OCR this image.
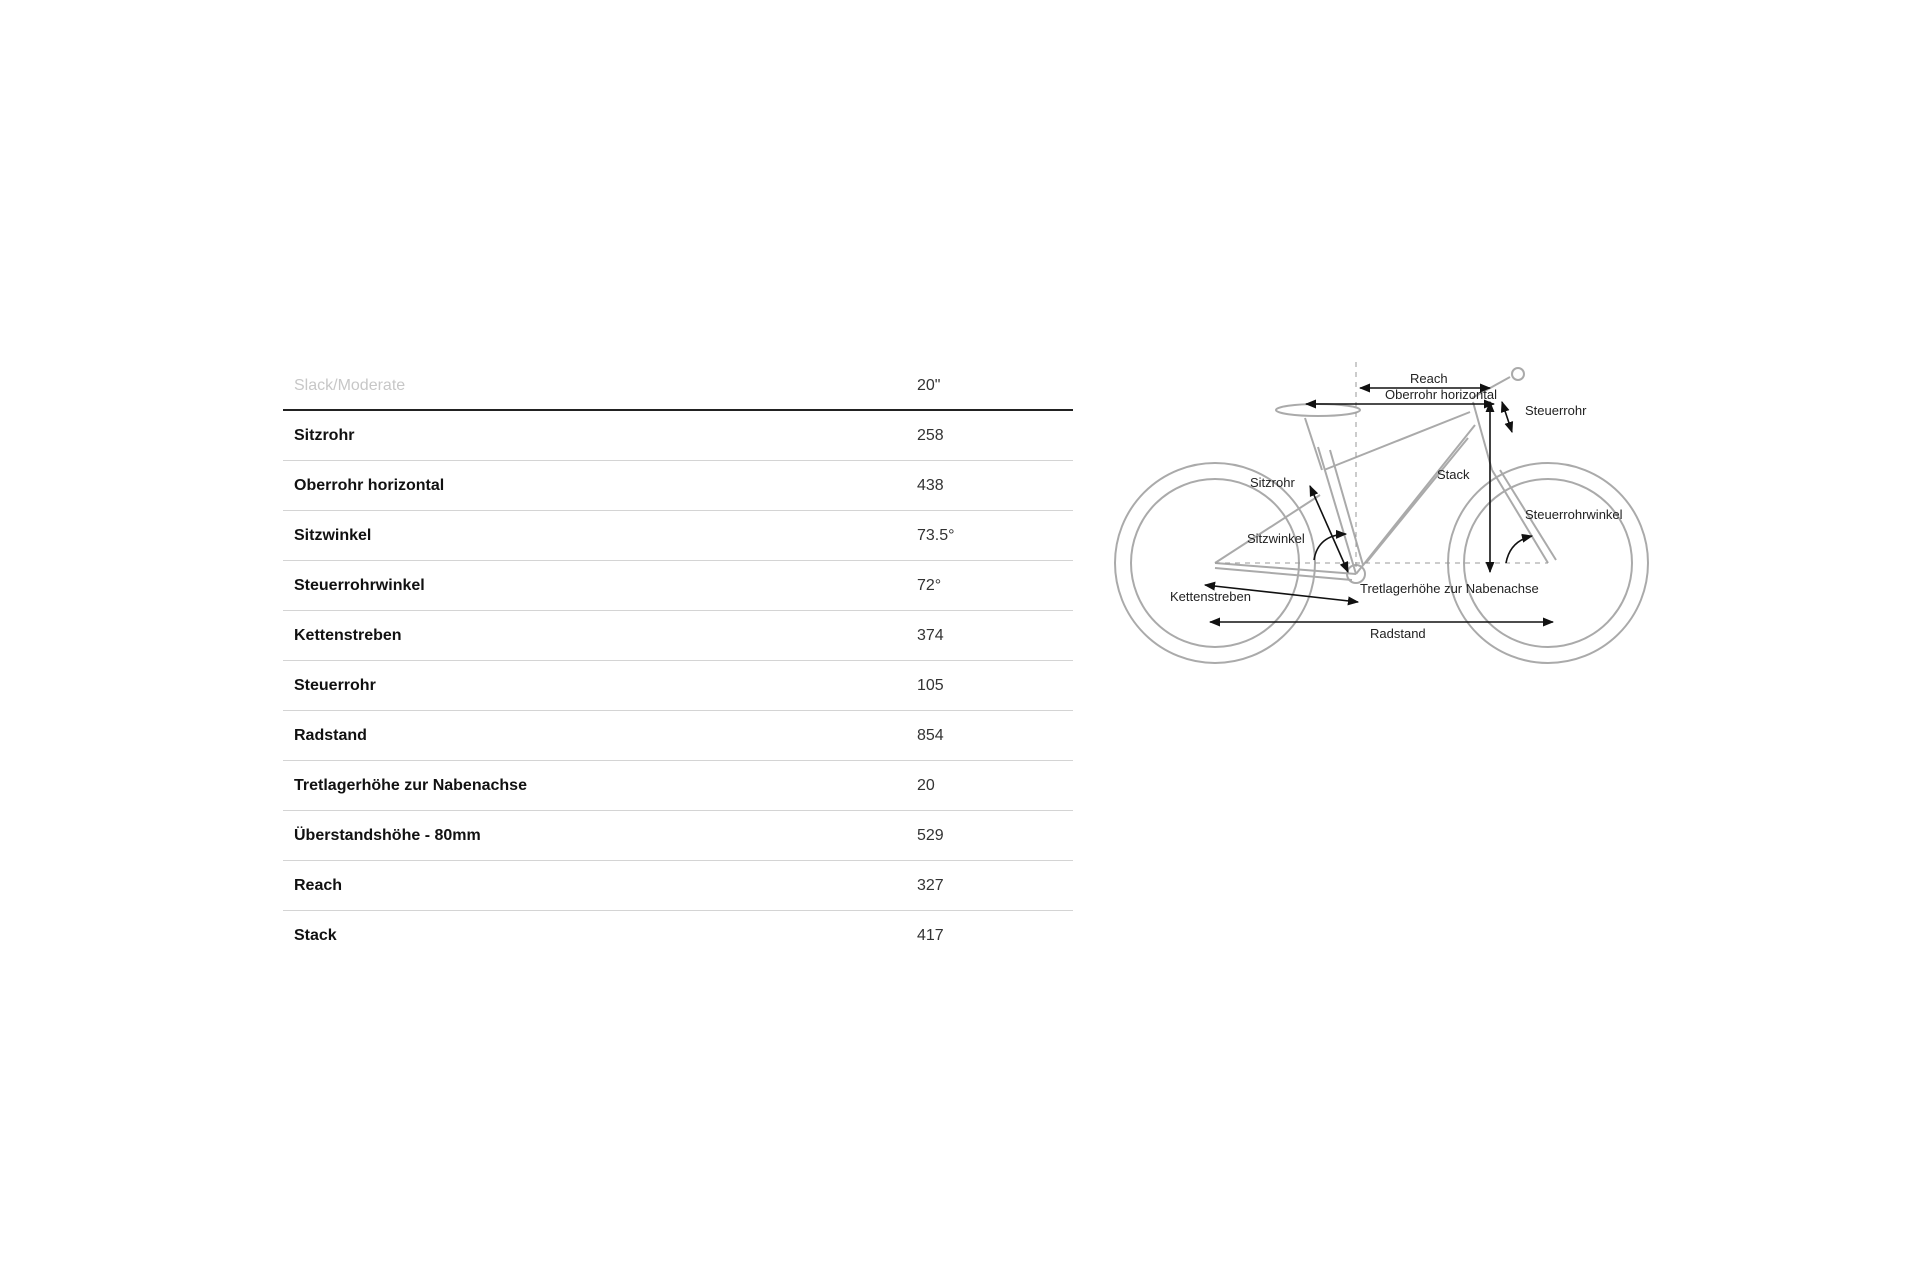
Slack/Moderate	20"
Sitzrohr	258
Oberrohr horizontal	438
Sitzwinkel	73.5°
Steuerrohrwinkel	72°
Kettenstreben	374
Steuerrohr	105
Radstand	854
Tretlagerhöhe zur Nabenachse	20
Überstandshöhe - 80mm	529
Reach	327
Stack	417
Reach
Oberrohr horizontal
Steuerrohr
Sitzrohr
Stack
Steuerrohrwinkel
Sitzwinkel
Tretlagerhöhe zur Nabenachse
Kettenstreben
Radstand
